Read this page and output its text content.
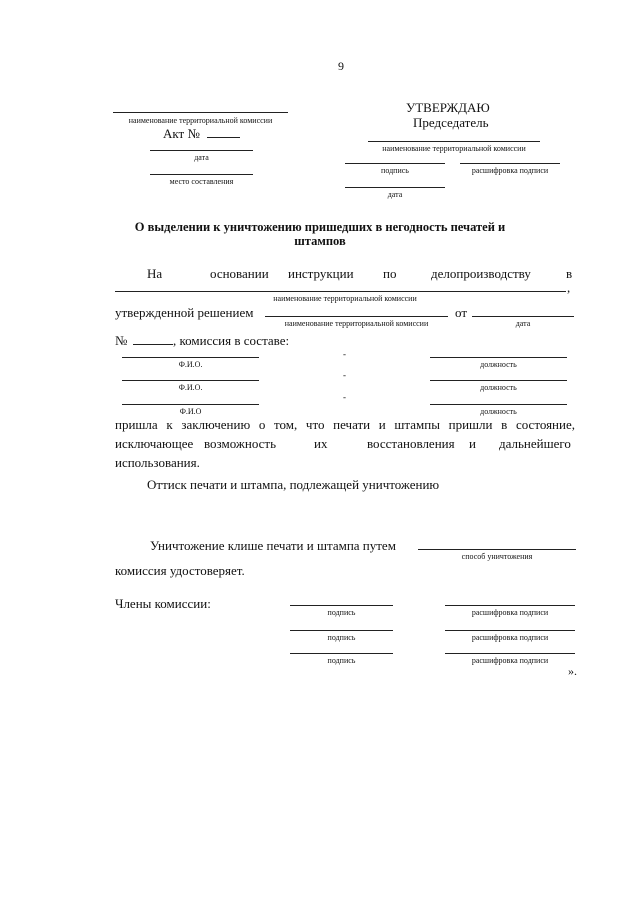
9
наименование территориальной комиссии
Акт №
дата
место составления
УТВЕРЖДАЮ
Председатель
наименование территориальной комиссии
подпись	расшифровка подписи
дата
О выделении к уничтожению пришедших в негодность печатей и
штампов
На	основании инструкции по	делопроизводству	в
,
наименование территориальной комиссии
утвержденной решением
наименование территориальной комиссии
от
дата
№	, комиссия в составе:
Ф.И.О.
-
должность
Ф.И.О.
-
должность
Ф.И.О
-
должность
пришла к заключению о том, что печати и штампы пришли в состояние,
исключающее возможность	их	восстановления и дальнейшего
использования.
Оттиск печати и штампа, подлежащей уничтожению
Уничтожение клише печати и штампа путем
способ уничтожения
комиссия удостоверяет.
Члены комиссии:
подпись	расшифровка подписи
подпись	расшифровка подписи
подпись	расшифровка подписи
».
